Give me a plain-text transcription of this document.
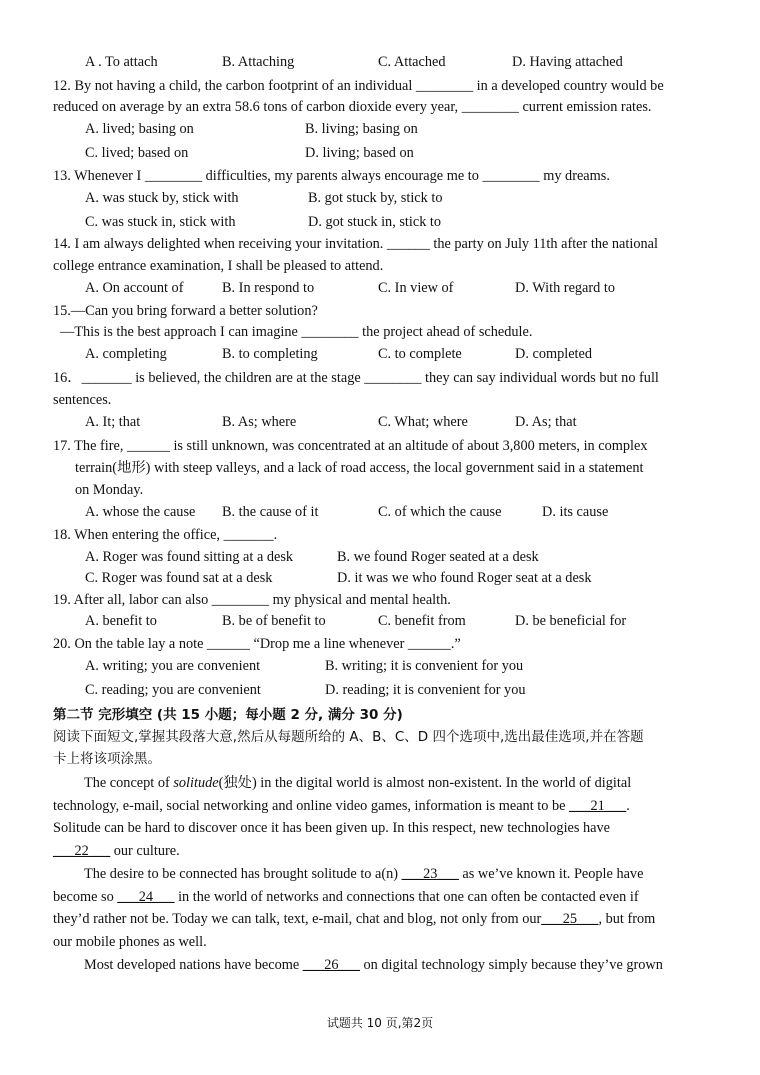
A . To attach	B. Attaching	C. Attached	D. Having attached
12. By not having a child, the carbon footprint of an individual ________ in a developed country would be
reduced on average by an extra 58.6 tons of carbon dioxide every year, ________ current emission rates.
A. lived; basing on	B. living; basing on
C. lived; based on	D. living; based on
13. Whenever I ________ difficulties, my parents always encourage me to ________ my dreams.
A. was stuck by, stick with	B. got stuck by, stick to
C. was stuck in, stick with	D. got stuck in, stick to
14. I am always delighted when receiving your invitation. ______ the party on July 11th after the national
college entrance examination, I shall be pleased to attend.
A. On account of	B. In respond to	C. In view of	D. With regard to
15.—Can you bring forward a better solution?
—This is the best approach I can imagine ________ the project ahead of schedule.
A. completing	B. to completing	C. to complete	D. completed
16．_______ is believed, the children are at the stage ________ they can say individual words but no full
sentences.
A. It; that	B. As; where	C. What; where	D. As; that
17. The fire, ______ is still unknown, was concentrated at an altitude of about 3,800 meters, in complex
terrain(地形) with steep valleys, and a lack of road access, the local government said in a statement
on Monday.
A. whose the cause B. the cause of it	C. of which the cause	D. its cause
18. When entering the office, _______.
A. Roger was found sitting at a desk	B. we found Roger seated at a desk
C. Roger was found sat at a desk	D. it was we who found Roger seat at a desk
19. After all, labor can also ________ my physical and mental health.
A. benefit to	B. be of benefit to	C. benefit from	D. be beneficial for
20. On the table lay a note ______ “Drop me a line whenever ______.”
A. writing; you are convenient	B. writing; it is convenient for you
C. reading; you are convenient	D. reading; it is convenient for you
第二节 完形填空 (共 15 小题；每小题 2 分, 满分 30 分)
阅读下面短文,掌握其段落大意,然后从每题所给的 A、B、C、D 四个选项中,选出最佳选项,并在答题
卡上将该项涂黑。
The concept of solitude(独处) in the digital world is almost non-existent. In the world of digital
technology, e-mail, social networking and online video games, information is meant to be ___21___.
Solitude can be hard to discover once it has been given up. In this respect, new technologies have
___22___ our culture.
The desire to be connected has brought solitude to a(n) ___23___ as we’ve known it. People have
become so ___24___ in the world of networks and connections that one can often be contacted even if
they’d rather not be. Today we can talk, text, e-mail, chat and blog, not only from our___25___, but from
our mobile phones as well.
Most developed nations have become ___26___ on digital technology simply because they’ve grown
试题共 10 页,第2页
